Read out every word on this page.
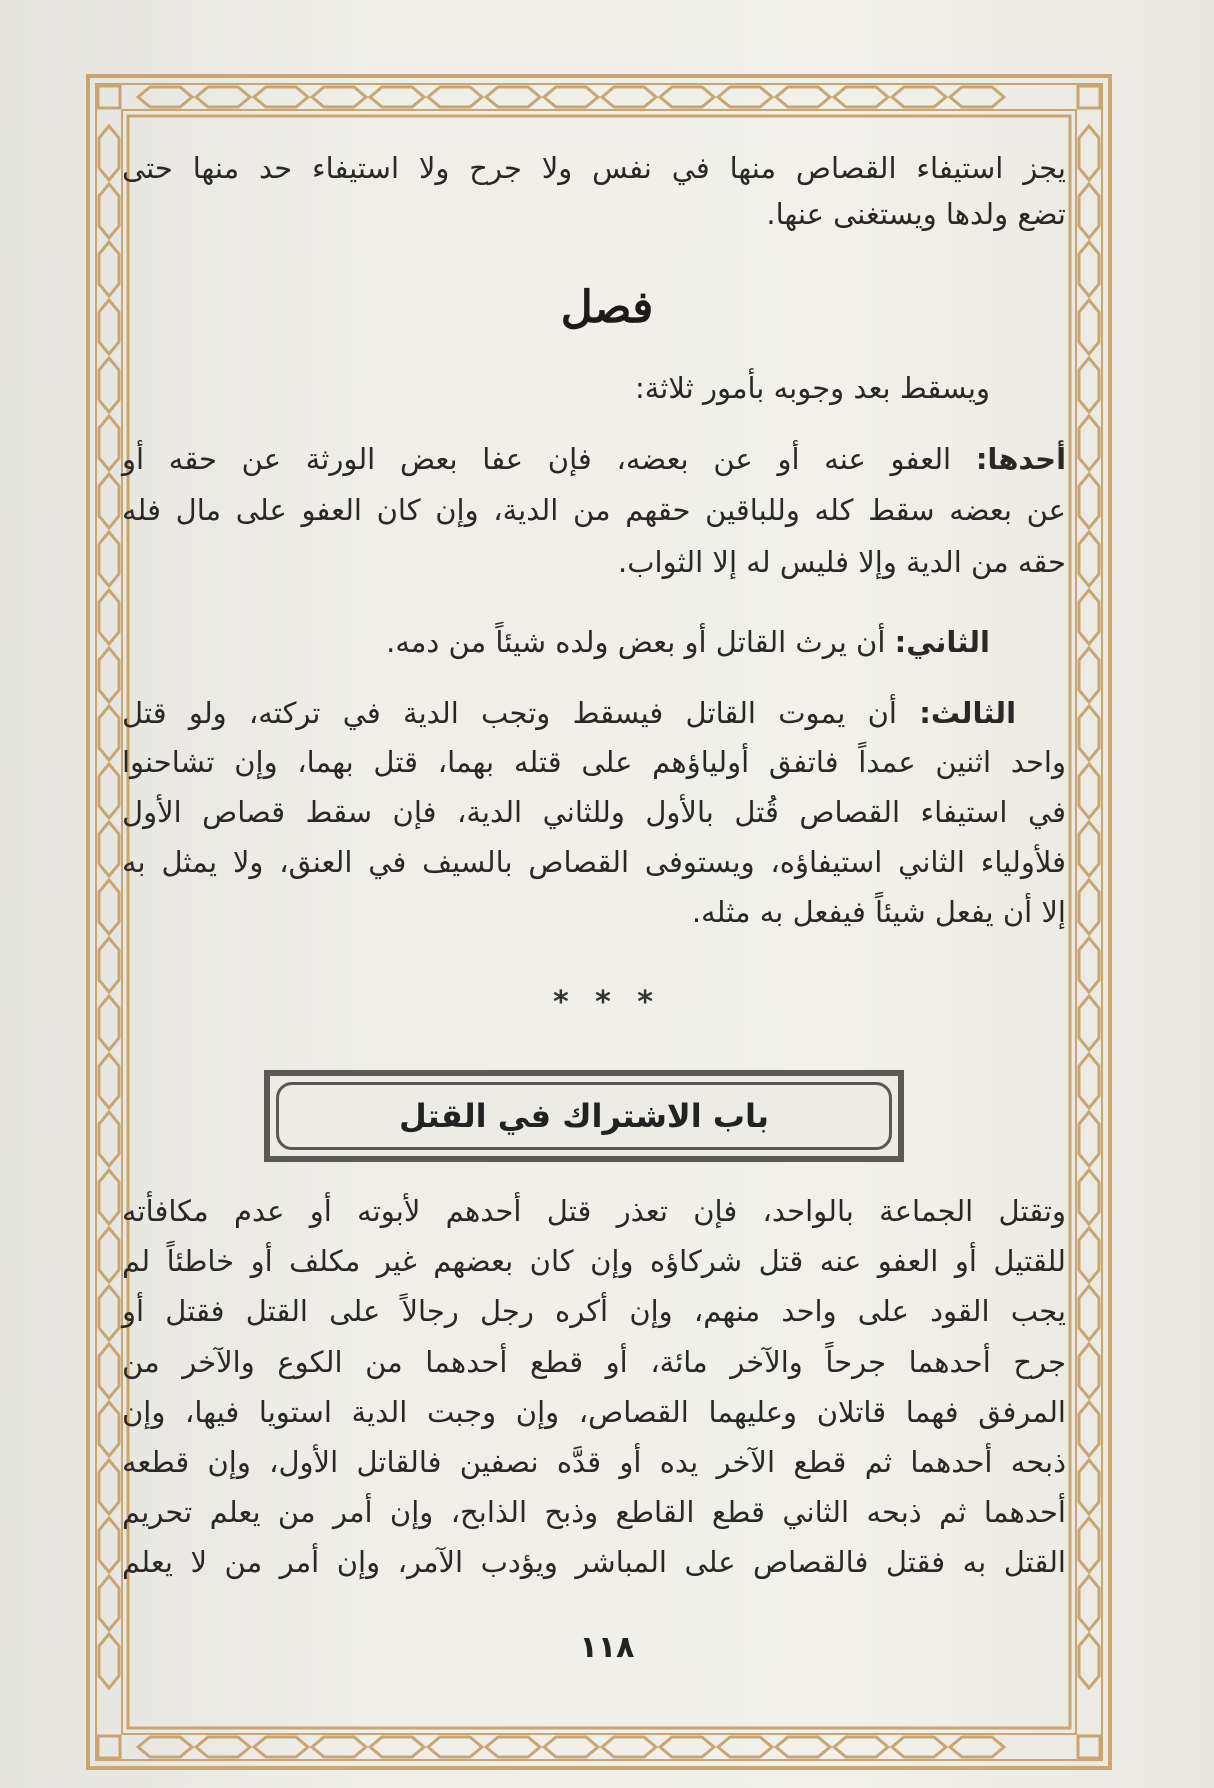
يجز استيفاء القصاص منها في نفس ولا جرح ولا استيفاء حد منها حتى
تضع ولدها ويستغنى عنها.
فصل
ويسقط بعد وجوبه بأمور ثلاثة:
أحدها: العفو عنه أو عن بعضه، فإن عفا بعض الورثة عن حقه أو
عن بعضه سقط كله وللباقين حقهم من الدية، وإن كان العفو على مال فله
حقه من الدية وإلا فليس له إلا الثواب.
الثاني: أن يرث القاتل أو بعض ولده شيئاً من دمه.
الثالث: أن يموت القاتل فيسقط وتجب الدية في تركته، ولو قتل
واحد اثنين عمداً فاتفق أولياؤهم على قتله بهما، قتل بهما، وإن تشاحنوا
في استيفاء القصاص قُتل بالأول وللثاني الدية، فإن سقط قصاص الأول
فلأولياء الثاني استيفاؤه، ويستوفى القصاص بالسيف في العنق، ولا يمثل به
إلا أن يفعل شيئاً فيفعل به مثله.
* * *
باب الاشتراك في القتل
وتقتل الجماعة بالواحد، فإن تعذر قتل أحدهم لأبوته أو عدم مكافأته
للقتيل أو العفو عنه قتل شركاؤه وإن كان بعضهم غير مكلف أو خاطئاً لم
يجب القود على واحد منهم، وإن أكره رجل رجالاً على القتل فقتل أو
جرح أحدهما جرحاً والآخر مائة، أو قطع أحدهما من الكوع والآخر من
المرفق فهما قاتلان وعليهما القصاص، وإن وجبت الدية استويا فيها، وإن
ذبحه أحدهما ثم قطع الآخر يده أو قدَّه نصفين فالقاتل الأول، وإن قطعه
أحدهما ثم ذبحه الثاني قطع القاطع وذبح الذابح، وإن أمر من يعلم تحريم
القتل به فقتل فالقصاص على المباشر ويؤدب الآمر، وإن أمر من لا يعلم
١١٨
